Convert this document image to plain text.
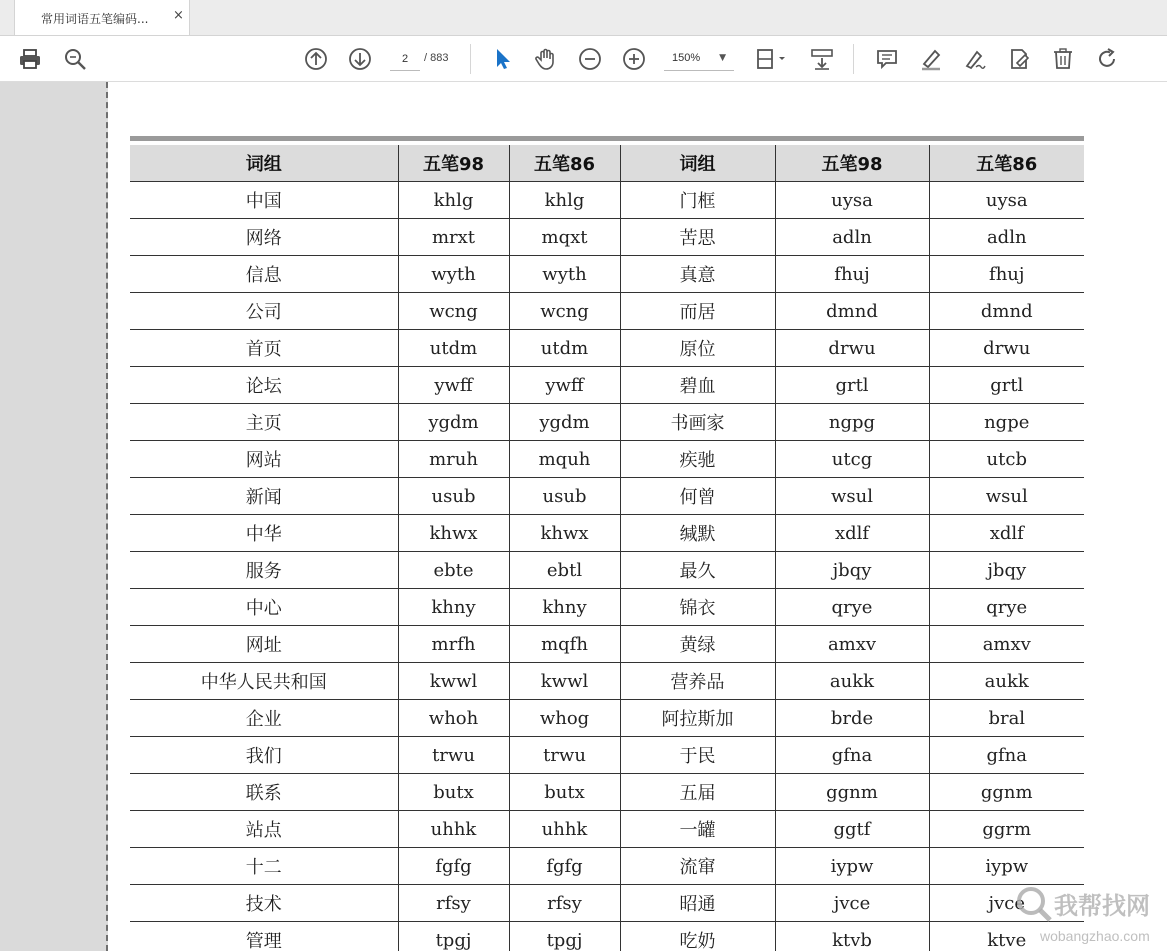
常用词语五笔编码... ×
2
/ 883	150% ▼
词组	五笔98	五笔86	词组	五笔98	五笔86
中国	khlg	khlg	门框	uysa	uysa
网络	mrxt	mqxt	苦思	adln	adln
信息	wyth	wyth	真意	fhuj	fhuj
公司	wcng	wcng	而居	dmnd	dmnd
首页	utdm	utdm	原位	drwu	drwu
论坛	ywff	ywff	碧血	grtl	grtl
主页	ygdm	ygdm	书画家	ngpg	ngpe
网站	mruh	mquh	疾驰	utcg	utcb
新闻	usub	usub	何曾	wsul	wsul
中华	khwx	khwx	缄默	xdlf	xdlf
服务	ebte	ebtl	最久	jbqy	jbqy
中心	khny	khny	锦衣	qrye	qrye
网址	mrfh	mqfh	黄绿	amxv	amxv
中华人民共和国	kwwl	kwwl	营养品	aukk	aukk
企业	whoh	whog	阿拉斯加	brde	bral
我们	trwu	trwu	于民	gfna	gfna
联系	butx	butx	五届	ggnm	ggnm
站点	uhhk	uhhk	一罐	ggtf	ggrm
十二	fgfg	fgfg	流窜	iypw	iypw
技术	rfsy	rfsy	昭通	jvce	jvce
管理	tpgj	tpgj	吃奶	ktvb	ktve
我帮找网
wobangzhao.com
